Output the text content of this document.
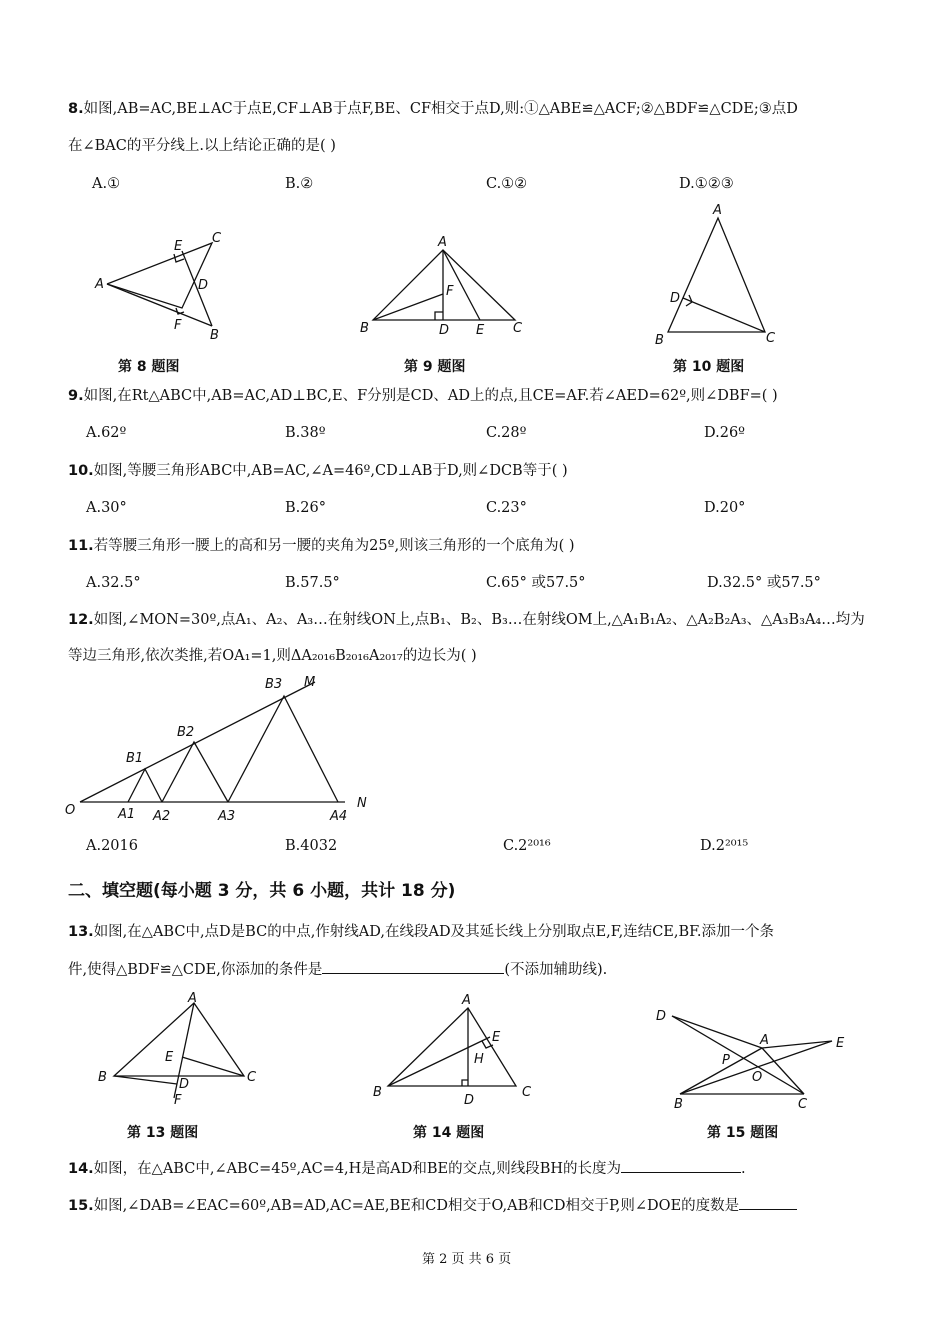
8.如图,AB=AC,BE⊥AC于点E,CF⊥AB于点F,BE、CF相交于点D,则:①△ABE≌△ACF;②△BDF≌△CDE;③点D
在∠BAC的平分线上.以上结论正确的是( )
A.①	B.②	C.①②	D.①②③
A
E
C
D
F
B
第 8 题图
A
F
B	D E C
第 9 题图
A
D
B	C
第 10 题图
9.如图,在Rt△ABC中,AB=AC,AD⊥BC,E、F分别是CD、AD上的点,且CE=AF.若∠AED=62º,则∠DBF=( )
A.62º	B.38º	C.28º	D.26º
10.如图,等腰三角形ABC中,AB=AC,∠A=46º,CD⊥AB于D,则∠DCB等于( )
A.30°	B.26°	C.23°	D.20°
11.若等腰三角形一腰上的高和另一腰的夹角为25º,则该三角形的一个底角为( )
A.32.5°	B.57.5°	C.65° 或57.5°	D.32.5° 或57.5°
12.如图,∠MON=30º,点A₁、A₂、A₃…在射线ON上,点B₁、B₂、B₃…在射线OM上,△A₁B₁A₂、△A₂B₂A₃、△A₃B₃A₄…均为
等边三角形,依次类推,若OA₁=1,则ΔA₂₀₁₆B₂₀₁₆A₂₀₁₇的边长为( )
O
B1
B2
B3 M
A1 A2	A3	A4
N
A.2016	B.4032	C.2²⁰¹⁶	D.2²⁰¹⁵
二、填空题(每小题 3 分，共 6 小题，共计 18 分)
13.如图,在△ABC中,点D是BC的中点,作射线AD,在线段AD及其延长线上分别取点E,F,连结CE,BF.添加一个条
件,使得△BDF≌△CDE,你添加的条件是	(不添加辅助线).
A
E
D
B	C
F
第 13 题图
A
E
H
B
D
C
第 14 题图
D
A	E
P
O
B	C
第 15 题图
14.如图，在△ABC中,∠ABC=45º,AC=4,H是高AD和BE的交点,则线段BH的长度为	.
15.如图,∠DAB=∠EAC=60º,AB=AD,AC=AE,BE和CD相交于O,AB和CD相交于P,则∠DOE的度数是
第 2 页 共 6 页
